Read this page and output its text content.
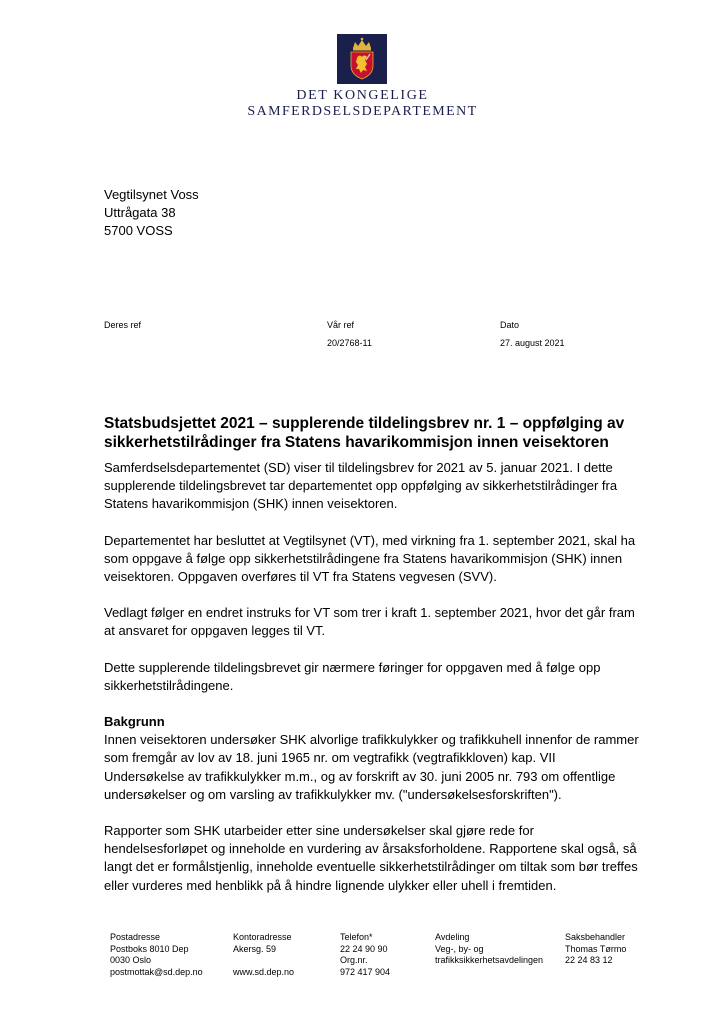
DET KONGELIGE
SAMFERDSELSDEPARTEMENT
Vegtilsynet Voss
Uttrågata 38
5700 VOSS
Deres ref	Vår ref
20/2768-11
Dato
27. august 2021
Statsbudsjettet 2021 – supplerende tildelingsbrev nr. 1 – oppfølging av
sikkerhetstilrådinger fra Statens havarikommisjon innen veisektoren

Samferdselsdepartementet (SD) viser til tildelingsbrev for 2021 av 5. januar 2021. I dette
supplerende tildelingsbrevet tar departementet opp oppfølging av sikkerhetstilrådinger fra
Statens havarikommisjon (SHK) innen veisektoren.

Departementet har besluttet at Vegtilsynet (VT), med virkning fra 1. september 2021, skal ha
som oppgave å følge opp sikkerhetstilrådingene fra Statens havarikommisjon (SHK) innen
veisektoren. Oppgaven overføres til VT fra Statens vegvesen (SVV).

Vedlagt følger en endret instruks for VT som trer i kraft 1. september 2021, hvor det går fram
at ansvaret for oppgaven legges til VT.

Dette supplerende tildelingsbrevet gir nærmere føringer for oppgaven med å følge opp
sikkerhetstilrådingene.

Bakgrunn

Innen veisektoren undersøker SHK alvorlige trafikkulykker og trafikkuhell innenfor de rammer
som fremgår av lov av 18. juni 1965 nr. om vegtrafikk (vegtrafikkloven) kap. VII
Undersøkelse av trafikkulykker m.m., og av forskrift av 30. juni 2005 nr. 793 om offentlige
undersøkelser og om varsling av trafikkulykker mv. ("undersøkelsesforskriften").

Rapporter som SHK utarbeider etter sine undersøkelser skal gjøre rede for
hendelsesforløpet og inneholde en vurdering av årsaksforholdene. Rapportene skal også, så
langt det er formålstjenlig, inneholde eventuelle sikkerhetstilrådinger om tiltak som bør treffes
eller vurderes med henblikk på å hindre lignende ulykker eller uhell i fremtiden.

Postadresse
Postboks 8010 Dep
0030 Oslo
postmottak@sd.dep.no
Kontoradresse
Akersg. 59
www.sd.dep.no
Telefon*
22 24 90 90
Org.nr.
972 417 904
Avdeling
Veg-, by- og
trafikksikkerhetsavdelingen
Saksbehandler
Thomas Tørmo
22 24 83 12
